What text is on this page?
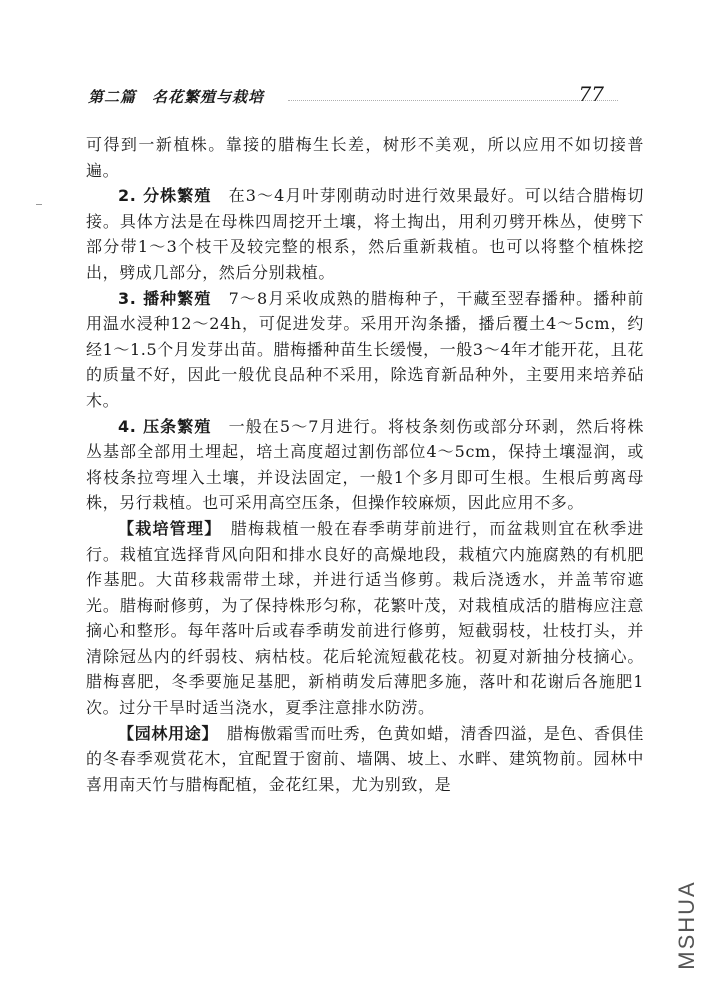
第二篇　名花繁殖与栽培	77

可得到一新植株。靠接的腊梅生长差，树形不美观，所以应用不如切接普遍。

2. 分株繁殖　在3～4月叶芽刚萌动时进行效果最好。可以结合腊梅切接。具体方法是在母株四周挖开土壤，将土掏出，用利刃劈开株丛，使劈下部分带1～3个枝干及较完整的根系，然后重新栽植。也可以将整个植株挖出，劈成几部分，然后分别栽植。

3. 播种繁殖　7～8月采收成熟的腊梅种子，干藏至翌春播种。播种前用温水浸种12～24h，可促进发芽。采用开沟条播，播后覆土4～5cm，约经1～1.5个月发芽出苗。腊梅播种苗生长缓慢，一般3～4年才能开花，且花的质量不好，因此一般优良品种不采用，除选育新品种外，主要用来培养砧木。

4. 压条繁殖　一般在5～7月进行。将枝条刻伤或部分环剥，然后将株丛基部全部用土埋起，培土高度超过割伤部位4～5cm，保持土壤湿润，或将枝条拉弯埋入土壤，并设法固定，一般1个多月即可生根。生根后剪离母株，另行栽植。也可采用高空压条，但操作较麻烦，因此应用不多。

【栽培管理】　腊梅栽植一般在春季萌芽前进行，而盆栽则宜在秋季进行。栽植宜选择背风向阳和排水良好的高燥地段，栽植穴内施腐熟的有机肥作基肥。大苗移栽需带土球，并进行适当修剪。栽后浇透水，并盖苇帘遮光。腊梅耐修剪，为了保持株形匀称，花繁叶茂，对栽植成活的腊梅应注意摘心和整形。每年落叶后或春季萌发前进行修剪，短截弱枝，壮枝打头，并清除冠丛内的纤弱枝、病枯枝。花后轮流短截花枝。初夏对新抽分枝摘心。腊梅喜肥，冬季要施足基肥，新梢萌发后薄肥多施，落叶和花谢后各施肥1次。过分干旱时适当浇水，夏季注意排水防涝。

【园林用途】　腊梅傲霜雪而吐秀，色黄如蜡，清香四溢，是色、香俱佳的冬春季观赏花木，宜配置于窗前、墙隅、坡上、水畔、建筑物前。园林中喜用南天竹与腊梅配植，金花红果，尤为别致，是

MSHUA
